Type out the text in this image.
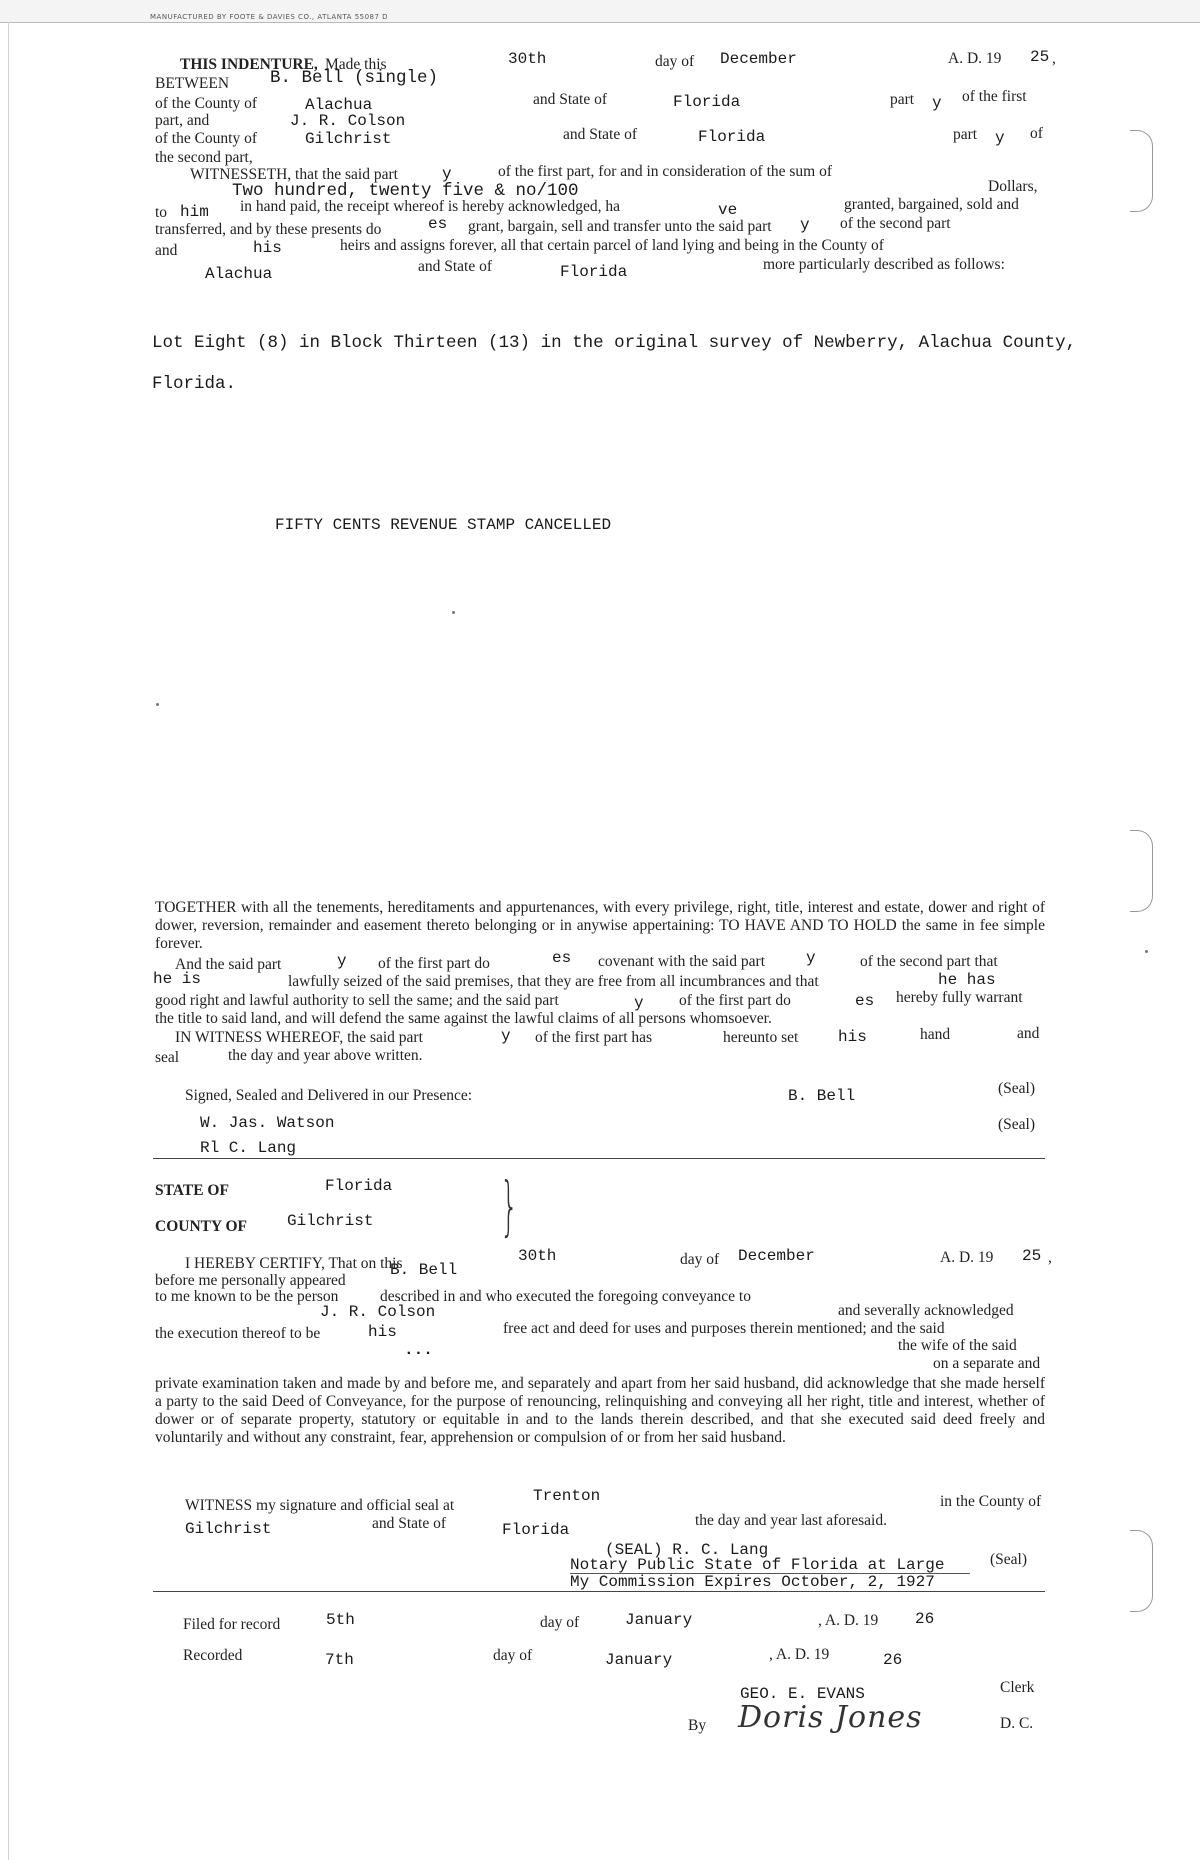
MANUFACTURED BY FOOTE & DAVIES CO., ATLANTA 55087 D
THIS INDENTURE, Made this	30th	day of December	A. D. 19 25 ,
BETWEEN B. Bell (single)
of the County of	Alachua	and State of	Florida	part y of the first
part, and	J. R. Colson
of the County of	Gilchrist	and State of	Florida	part y of
the second part,
WITNESSETH, that the said part	y	of the first part, for and in consideration of the sum of
Two hundred, twenty five & no/100	Dollars,
to him in hand paid, the receipt whereof is hereby acknowledged, ha	ve	granted, bargained, sold and
transferred, and by these presents do	es grant, bargain, sell and transfer unto the said part y of the second part
and	his	heirs and assigns forever, all that certain parcel of land lying and being in the County of
Alachua	and State of	Florida	more particularly described as follows:
Lot Eight (8) in Block Thirteen (13) in the original survey of Newberry, Alachua County,
Florida.
FIFTY CENTS REVENUE STAMP CANCELLED
TOGETHER with all the tenements, hereditaments and appurtenances, with every privilege, right, title, interest and estate, dower and right of dower, reversion, remainder and easement thereto belonging or in anywise appertaining: TO HAVE AND TO HOLD the same in fee simple forever.
And the said part	y of the first part do	es covenant with the said part	y	of the second part that
he is	lawfully seized of the said premises, that they are free from all incumbrances and that	he has
good right and lawful authority to sell the same; and the said part	y of the first part do	es hereby fully warrant
the title to said land, and will defend the same against the lawful claims of all persons whomsoever.
IN WITNESS WHEREOF, the said part	y of the first part has	hereunto set his	hand	and
seal	the day and year above written.
Signed, Sealed and Delivered in our Presence:	B. Bell	(Seal)
W. Jas. Watson	(Seal)
Rl C. Lang
STATE OF	Florida
COUNTY OF	Gilchrist }
I HEREBY CERTIFY, That on this	30th	day of December	A. D. 19 25 ,
before me personally appeared
B. Bell
to me known to be the person	described in and who executed the foregoing conveyance to
J. R. Colson	and severally acknowledged
the execution thereof to be	his	free act and deed for uses and purposes therein mentioned; and the said
...	the wife of the said
on a separate and
private examination taken and made by and before me, and separately and apart from her said husband, did acknowledge that she made herself a party to the said Deed of Conveyance, for the purpose of renouncing, relinquishing and conveying all her right, title and interest, whether of dower or of separate property, statutory or equitable in and to the lands therein described, and that she executed said deed freely and voluntarily and without any constraint, fear, apprehension or compulsion of or from her said husband.
WITNESS my signature and official seal at
Trenton	in the County of
Gilchrist	and State of	Florida
the day and year last aforesaid.
(SEAL) R. C. Lang
Notary Public State of Florida at Large
My Commission Expires October, 2, 1927
(Seal)
Filed for record	5th	day of	January	, A. D. 19 26
Recorded	7th	day of	January	, A. D. 19	26
GEO. E. EVANS	Clerk
By Doris Jones	D. C.
